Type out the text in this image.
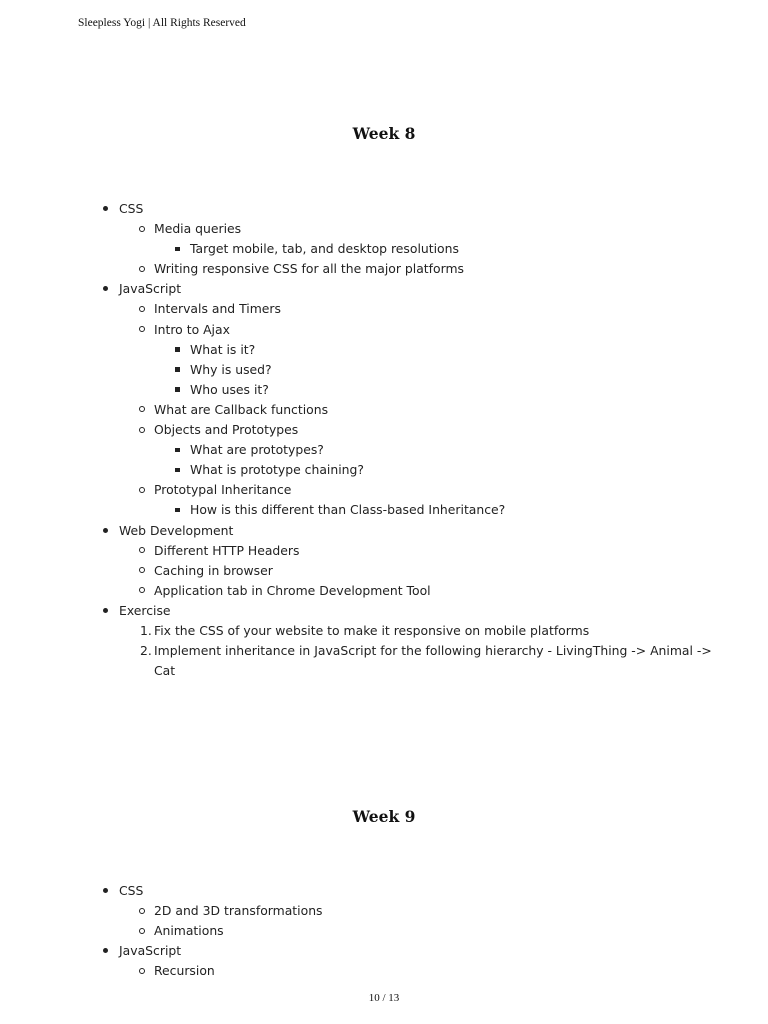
Sleepless Yogi | All Rights Reserved
Week 8
CSS
Media queries
Target mobile, tab, and desktop resolutions
Writing responsive CSS for all the major platforms
JavaScript
Intervals and Timers
Intro to Ajax
What is it?
Why is used?
Who uses it?
What are Callback functions
Objects and Prototypes
What are prototypes?
What is prototype chaining?
Prototypal Inheritance
How is this different than Class-based Inheritance?
Web Development
Different HTTP Headers
Caching in browser
Application tab in Chrome Development Tool
Exercise
1. Fix the CSS of your website to make it responsive on mobile platforms
2. Implement inheritance in JavaScript for the following hierarchy - LivingThing -> Animal ->
Cat
Week 9
CSS
2D and 3D transformations
Animations
JavaScript
Recursion
10 / 13
